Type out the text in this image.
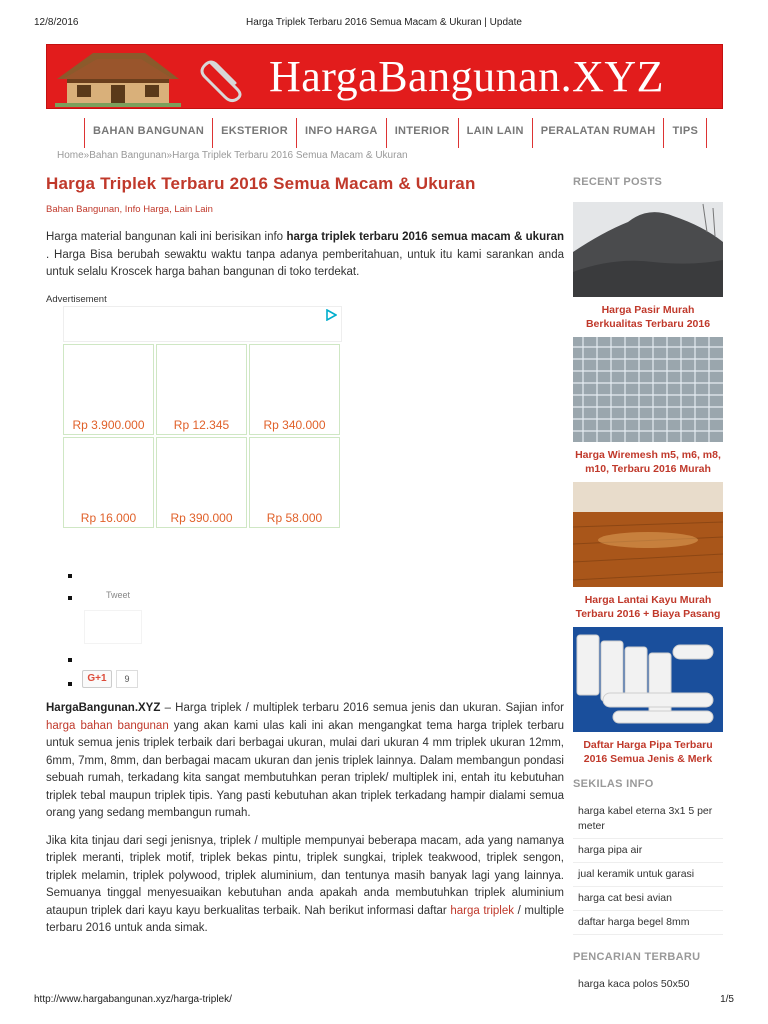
12/8/2016	Harga Triplek Terbaru 2016 Semua Macam & Ukuran | Update
HargaBangunan.XYZ
BAHAN BANGUNAN	EKSTERIOR	INFO HARGA	INTERIOR	LAIN LAIN	PERALATAN RUMAH	TIPS
Home»Bahan Bangunan»Harga Triplek Terbaru 2016 Semua Macam & Ukuran
Harga Triplek Terbaru 2016 Semua Macam & Ukuran
Bahan Bangunan, Info Harga, Lain Lain

Harga material bangunan kali ini berisikan info harga triplek terbaru 2016 semua macam & ukuran . Harga Bisa berubah sewaktu waktu tanpa adanya pemberitahuan, untuk itu kami sarankan anda untuk selalu Kroscek harga bahan bangunan di toko terdekat.

Advertisement
Rp 3.900.000	Rp 12.345	Rp 340.000
Rp 16.000	Rp 390.000	Rp 58.000
Tweet
G+1	9

HargaBangunan.XYZ – Harga triplek / multiplek terbaru 2016 semua jenis dan ukuran. Sajian infor harga bahan bangunan yang akan kami ulas kali ini akan mengangkat tema harga triplek terbaru untuk semua jenis triplek terbaik dari berbagai ukuran, mulai dari ukuran 4 mm triplek ukuran 12mm, 6mm, 7mm, 8mm, dan berbagai macam ukuran dan jenis triplek lainnya. Dalam membangun pondasi sebuah rumah, terkadang kita sangat membutuhkan peran triplek/ multiplek ini, entah itu kebutuhan triplek tebal maupun triplek tipis. Yang pasti kebutuhan akan triplek terkadang hampir dialami semua orang yang sedang membangun rumah.

Jika kita tinjau dari segi jenisnya, triplek / multiple mempunyai beberapa macam, ada yang namanya triplek meranti, triplek motif, triplek bekas pintu, triplek sungkai, triplek teakwood, triplek sengon, triplek melamin, triplek polywood, triplek aluminium, dan tentunya masih banyak lagi yang lainnya. Semuanya tinggal menyesuaikan kebutuhan anda apakah anda membutuhkan triplek aluminium ataupun triplek dari kayu kayu berkualitas terbaik. Nah berikut informasi daftar harga triplek / multiple terbaru 2016 untuk anda simak.

RECENT POSTS
Harga Pasir Murah Berkualitas Terbaru 2016
Harga Wiremesh m5, m6, m8, m10, Terbaru 2016 Murah
Harga Lantai Kayu Murah Terbaru 2016 + Biaya Pasang
Daftar Harga Pipa Terbaru 2016 Semua Jenis & Merk
SEKILAS INFO
harga kabel eterna 3x1 5 per meter
harga pipa air
jual keramik untuk garasi
harga cat besi avian
daftar harga begel 8mm
PENCARIAN TERBARU
harga kaca polos 50x50
http://www.hargabangunan.xyz/harga-triplek/	1/5
